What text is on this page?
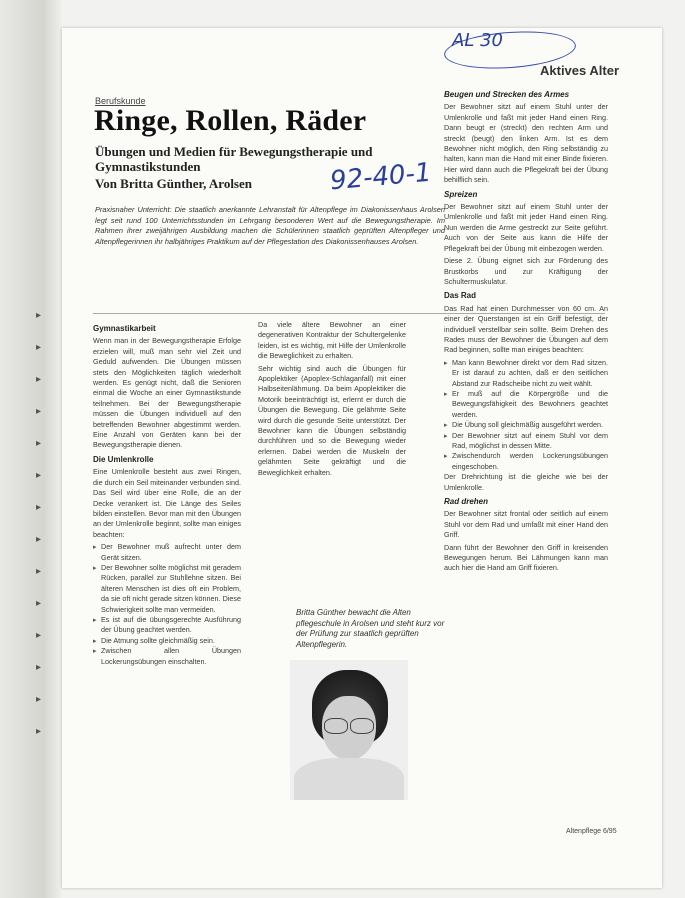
▸
▸
▸
▸
▸
▸
▸
▸
▸
▸
▸
▸
▸
▸
AL 30
Aktives Alter
Berufskunde
Ringe, Rollen, Räder
Übungen und Medien für Bewegungstherapie und Gymnastikstunden
Von Britta Günther, Arolsen	92-40-1
Praxisnaher Unterricht: Die staatlich anerkannte Lehranstalt für Altenpflege im Diakonissenhaus Arolsen legt seit rund 100 Unterrichtsstunden im Lehrgang besonderen Wert auf die Bewegungstherapie. Im Rahmen ihrer zweijährigen Ausbildung machen die Schülerinnen staatlich geprüften Altenpfleger und Altenpflegerinnen ihr halbjähriges Praktikum auf der Pflegestation des Diakonissenhauses Arolsen.
Gymnastikarbeit

Wenn man in der Bewegungstherapie Erfolge erzielen will, muß man sehr viel Zeit und Geduld aufwenden. Die Übungen müssen stets den Möglichkeiten täglich wiederholt werden. Es genügt nicht, daß die Senioren einmal die Woche an einer Gymnastikstunde teilnehmen. Bei der Bewegungstherapie müssen die Übungen individuell auf den betreffenden Bewohner abgestimmt werden. Eine Anzahl von Geräten kann bei der Bewegungstherapie dienen.

Die Umlenkrolle

Eine Umlenkrolle besteht aus zwei Ringen, die durch ein Seil miteinander verbunden sind. Das Seil wird über eine Rolle, die an der Decke verankert ist. Die Länge des Seiles bilden einstellen. Bevor man mit den Übungen an der Umlenkrolle beginnt, sollte man einiges beachten:

▸ Der Bewohner muß aufrecht unter dem Gerät sitzen.
▸ Der Bewohner sollte möglichst mit geradem Rücken, parallel zur Stuhllehne sitzen. Bei älteren Menschen ist dies oft ein Problem, da sie oft nicht gerade sitzen können. Diese Schwierigkeit sollte man vermeiden.
▸ Es ist auf die übungsgerechte Ausführung der Übung geachtet werden.
▸ Die Atmung sollte gleichmäßig sein.
▸ Zwischen allen Übungen Lockerungsübungen einschalten.

Da viele ältere Bewohner an einer degenerativen Kontraktur der Schultergelenke leiden, ist es wichtig, mit Hilfe der Umlenkrolle die Beweglichkeit zu erhalten.

Sehr wichtig sind auch die Übungen für Apoplektiker (Apoplex-Schlaganfall) mit einer Halbseitenlähmung. Da beim Apoplektiker die Motorik beeinträchtigt ist, erlernt er durch die Übungen die Bewegung. Die gelähmte Seite wird durch die gesunde Seite unterstützt. Der Bewohner kann die Übungen selbständig durchführen und so die Bewegung wieder erlernen. Dabei werden die Muskeln der gelähmten Seite gekräftigt und die Beweglichkeit erhalten.

Britta Günther bewacht die Alten pflegeschule in Arolsen und steht kurz vor der Prüfung zur staatlich geprüften Altenpflegerin.
Beugen und Strecken des Armes

Der Bewohner sitzt auf einem Stuhl unter der Umlenkrolle und faßt mit jeder Hand einen Ring. Dann beugt er (streckt) den rechten Arm und streckt (beugt) den linken Arm. Ist es dem Bewohner nicht möglich, den Ring selbständig zu halten, kann man die Hand mit einer Binde fixieren. Hier wird dann auch die Pflegekraft bei der Übung behilflich sein.

Spreizen

Der Bewohner sitzt auf einem Stuhl unter der Umlenkrolle und faßt mit jeder Hand einen Ring. Nun werden die Arme gestreckt zur Seite geführt. Auch von der Seite aus kann die Hilfe der Pflegekraft bei der Übung mit einbezogen werden.

Diese 2. Übung eignet sich zur Förderung des Brustkorbs und zur Kräftigung der Schultermuskulatur.

Das Rad

Das Rad hat einen Durchmesser von 60 cm. An einer der Querstangen ist ein Griff befestigt, der individuell verstellbar sein sollte. Beim Drehen des Rades muss der Bewohner die Übungen auf dem Rad beginnen, sollte man einiges beachten:

▸ Man kann Bewohner direkt vor dem Rad sitzen. Er ist darauf zu achten, daß er den seitlichen Abstand zur Radscheibe nicht zu weit wählt.
▸ Er muß auf die Körpergröße und die Bewegungsfähigkeit des Bewohners geachtet werden.
▸ Die Übung soll gleichmäßig ausgeführt werden.
▸ Der Bewohner sitzt auf einem Stuhl vor dem Rad, möglichst in dessen Mitte.
▸ Zwischendurch werden Lockerungsübungen eingeschoben.

Der Drehrichtung ist die gleiche wie bei der Umlenkrolle.

Rad drehen

Der Bewohner sitzt frontal oder seitlich auf einem Stuhl vor dem Rad und umfaßt mit einer Hand den Griff.

Dann führt der Bewohner den Griff in kreisenden Bewegungen herum. Bei Lähmungen kann man auch hier die Hand am Griff fixieren.

Altenpflege 6/95
